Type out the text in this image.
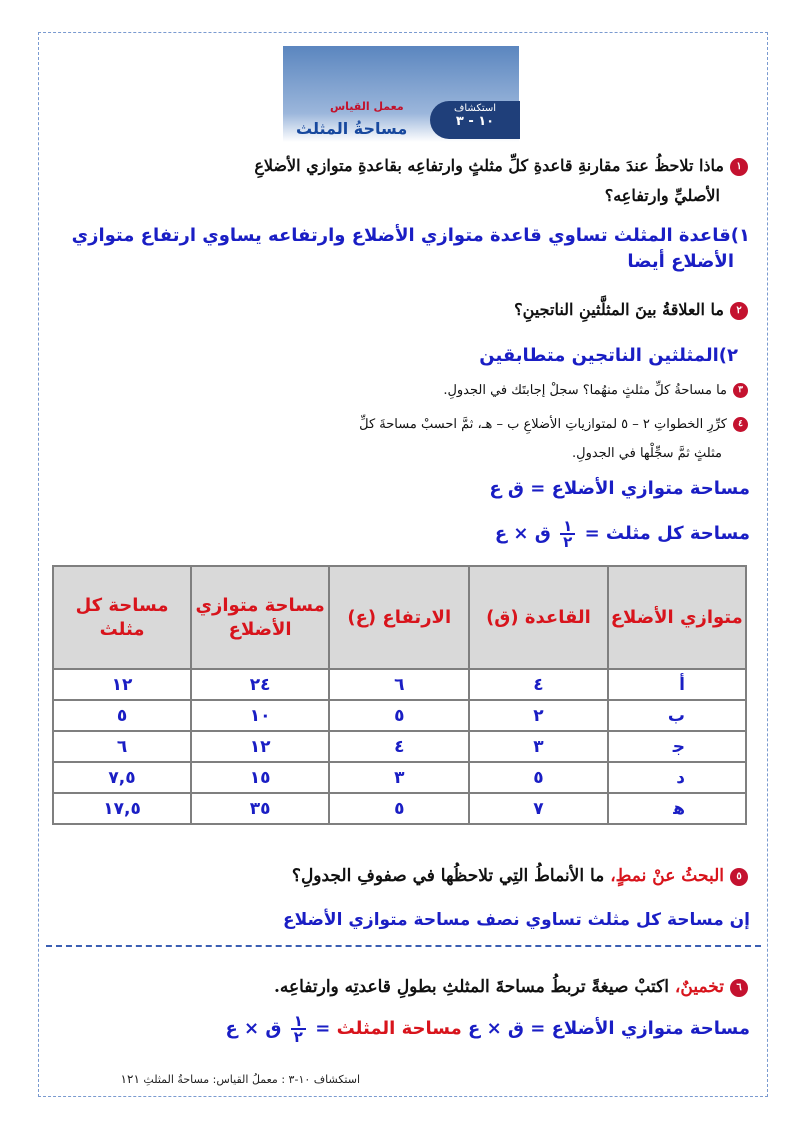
استكشاف
١٠ - ٣
معمل القياس
مساحةُ المثلث
١ماذا تلاحظُ عندَ مقارنةِ قاعدةِ كلِّ مثلثٍ وارتفاعِه بقاعدةِ متوازي الأضلاعِ
الأصليِّ وارتفاعِه؟
١)قاعدة المثلث تساوي قاعدة متوازي الأضلاع وارتفاعه يساوي ارتفاع متوازي
الأضلاع أيضا
٢ما العلاقةُ بينَ المثلَّثينِ الناتجينِ؟
٢)المثلثين الناتجين متطابقين
٣ما مساحةُ كلِّ مثلثٍ منهُما؟ سجلْ إجابتَك في الجدولِ.
٤كرِّرِ الخطواتِ ٢ – ٥ لمتوازياتِ الأضلاعِ ب – هـ، ثمَّ احسبْ مساحةَ كلِّ
مثلثٍ ثمَّ سجِّلْها في الجدولِ.
مساحة متوازي الأضلاع = ق ع
مساحة كل مثلث =
$\frac{١}{٢}$
ق × ع
متوازي الأضلاع	القاعدة (ق)	الارتفاع (ع)	مساحة متوازي الأضلاع	مساحة كل مثلث
أ	٤	٦	٢٤	١٢
ب	٢	٥	١٠	٥
ﺟ	٣	٤	١٢	٦
د	٥	٣	١٥	٧,٥
ﻫ	٧	٥	٣٥	١٧,٥
٥البحثُ عنْ نمطٍ، ما الأنماطُ التِي تلاحظُها في صفوفِ الجدولِ؟
إن مساحة كل مثلث تساوي نصف مساحة متوازي الأضلاع
٦تخمينٌ، اكتبْ صيغةً تربطُ مساحةَ المثلثِ بطولِ قاعدتِه وارتفاعِه.
مساحة متوازي الأضلاع = ق × ع مساحة المثلث =
$\frac{١}{٢}$
ق × ع
استكشاف ١٠-٣ : معملُ القياس: مساحةُ المثلثِ ١٢١
